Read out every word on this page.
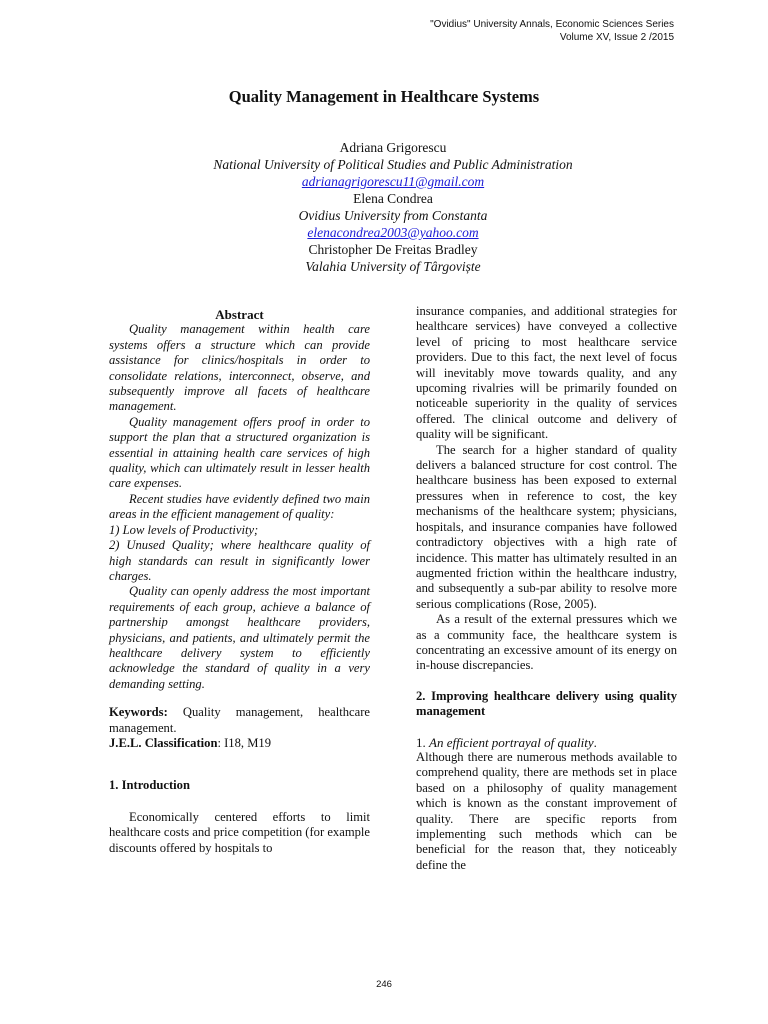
"Ovidius" University Annals, Economic Sciences Series
Volume XV, Issue 2 /2015
Quality Management in Healthcare Systems
Adriana Grigorescu
National University of Political Studies and Public Administration
adrianagrigorescu11@gmail.com
Elena Condrea
Ovidius University from Constanta
elenacondrea2003@yahoo.com
Christopher De Freitas Bradley
Valahia University of Târgoviște

Abstract

Quality management within health care systems offers a structure which can provide assistance for clinics/hospitals in order to consolidate relations, interconnect, observe, and subsequently improve all facets of healthcare management.

Quality management offers proof in order to support the plan that a structured organization is essential in attaining health care services of high quality, which can ultimately result in lesser health care expenses.

Recent studies have evidently defined two main areas in the efficient management of quality:

1) Low levels of Productivity;

2) Unused Quality; where healthcare quality of high standards can result in significantly lower charges.

Quality can openly address the most important requirements of each group, achieve a balance of partnership amongst healthcare providers, physicians, and patients, and ultimately permit the healthcare delivery system to efficiently acknowledge the standard of quality in a very demanding setting.

Keywords: Quality management, healthcare management.

J.E.L. Classification: I18, M19

1. Introduction

Economically centered efforts to limit healthcare costs and price competition (for example discounts offered by hospitals to

insurance companies, and additional strategies for healthcare services) have conveyed a collective level of pricing to most healthcare service providers. Due to this fact, the next level of focus will inevitably move towards quality, and any upcoming rivalries will be primarily founded on noticeable superiority in the quality of services offered. The clinical outcome and delivery of quality will be significant.

The search for a higher standard of quality delivers a balanced structure for cost control. The healthcare business has been exposed to external pressures when in reference to cost, the key mechanisms of the healthcare system; physicians, hospitals, and insurance companies have followed contradictory objectives with a high rate of incidence. This matter has ultimately resulted in an augmented friction within the healthcare industry, and subsequently a sub-par ability to resolve more serious complications (Rose, 2005).

As a result of the external pressures which we as a community face, the healthcare system is concentrating an excessive amount of its energy on in-house discrepancies.

2. Improving healthcare delivery using quality management

1. An efficient portrayal of quality.

Although there are numerous methods available to comprehend quality, there are methods set in place based on a philosophy of quality management which is known as the constant improvement of quality. There are specific reports from implementing such methods which can be beneficial for the reason that, they noticeably define the

246
